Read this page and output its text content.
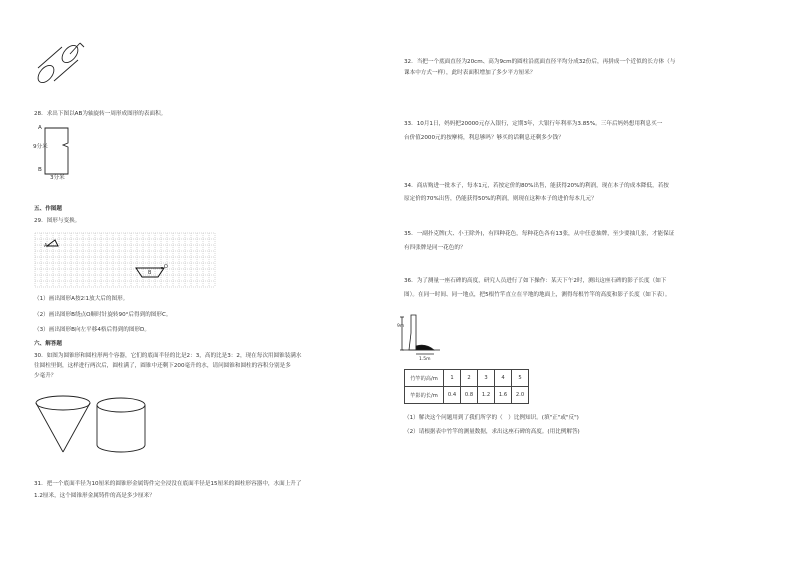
28．求出下图以AB为轴旋转一周形成图形的表面积。
A
9分米
B
3分米
五、作图题
29．图形与变换。
A
B
O
（1）画出图形A按2∶1放大后的图形。
（2）画出图形B绕点O顺时针旋转90°后得到的图形C。
（3）画出图形B向左平移4格后得到的图形D。
六、解答题
30．如图为圆锥形和圆柱形两个容器，它们的底面半径的比是2：3，高的比是3：2，现在每次用圆锥装满水
往圆柱里倒，这样进行两次后，圆柱满了，圆锥中还剩下200毫升的水，请问圆锥和圆柱的容积分别是多
少毫升？
31．把一个底面半径为10厘米的圆锥形金属铸件完全浸没在底面半径是15厘米的圆柱形容器中，水面上升了
1.2厘米，这个圆锥形金属铸件的高是多少厘米？
32．当把一个底面直径为20cm、高为9cm的圆柱沿底面直径平均分成32份后，再拼成一个近似的长方体（与
课本中方式一样），此时表面积增加了多少平方厘米？
33．10月1日，妈妈把20000元存入银行，定期3年，大银行年利率为3.85%。三年后妈妈想用利息买一
台价值2000元的按摩椅，利息够吗？够买的话剩息还剩多少钱？
34．商店购进一批本子，每本1元，若按定价的80%出售，能获得20%的利润，现在本子的成本降低，若按
原定价的70%出售，仍能获得50%的利润，则现在这种本子的进价每本几元？
35．一副扑克牌(大、小王除外)，有四种花色，每种花色各有13张，从中任意抽牌，至少要抽几张，才能保证
有四张牌是同一花色的？
36．为了测量一座石碑的高度，研究人员进行了如下操作：某天下午2时，测出这座石碑的影子长度（如下
图）。在同一时间、同一地点，把5根竹竿直立在平地的地面上，测得每根竹竿的高度和影子长度（如下表）。
9m
1.5m
竹竿的高/m	1	2	3	4	5
竿影的长/m	0.4	0.8	1.2	1.6	2.0
（1）解决这个问题用到了我们所学的（　）比例知识。(填"正"或"反")
（2）请根据表中竹竿的测量数据，求出这座石碑的高度。(用比例解答)
